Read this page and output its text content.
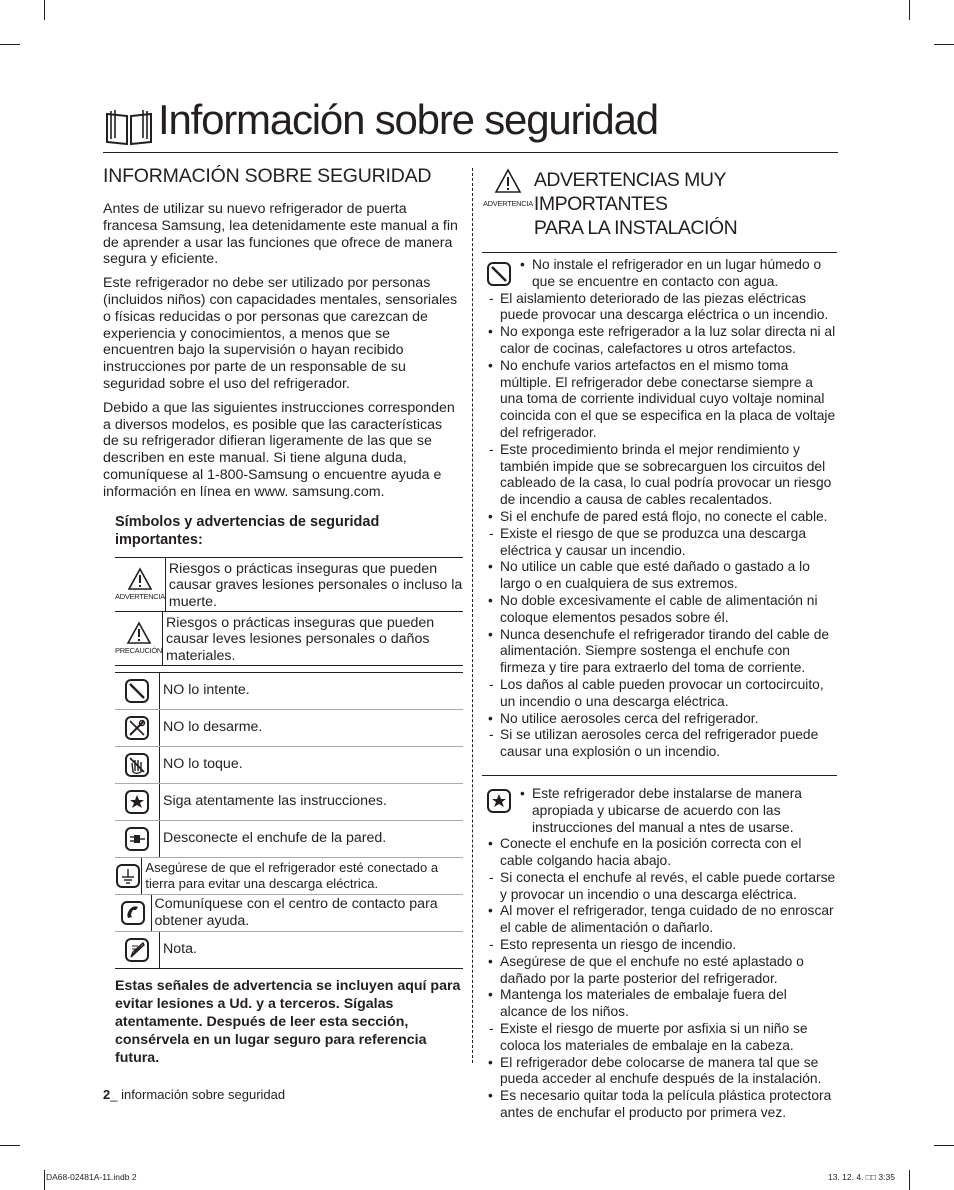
Información sobre seguridad
INFORMACIÓN SOBRE SEGURIDAD

Antes de utilizar su nuevo refrigerador de puerta francesa Samsung, lea detenidamente este manual a fin de aprender a usar las funciones que ofrece de manera segura y eficiente.

Este refrigerador no debe ser utilizado por personas (incluidos niños) con capacidades mentales, sensoriales o físicas reducidas o por personas que carezcan de experiencia y conocimientos, a menos que se encuentren bajo la supervisión o hayan recibido instrucciones por parte de un responsable de su seguridad sobre el uso del refrigerador.

Debido a que las siguientes instrucciones corresponden a diversos modelos, es posible que las características de su refrigerador difieran ligeramente de las que se describen en este manual. Si tiene alguna duda, comuníquese al 1-800-Samsung o encuentre ayuda e información en línea en www. samsung.com.

Símbolos y advertencias de seguridad importantes:
ADVERTENCIA
Riesgos o prácticas inseguras que pueden causar graves lesiones personales o incluso la muerte.
PRECAUCIÓN
Riesgos o prácticas inseguras que pueden causar leves lesiones personales o daños materiales.
NO lo intente.
NO lo desarme.
NO lo toque.
Siga atentamente las instrucciones.
Desconecte el enchufe de la pared.
Asegúrese de que el refrigerador esté conectado a tierra para evitar una descarga eléctrica.
Comuníquese con el centro de contacto para obtener ayuda.
Nota.
Estas señales de advertencia se incluyen aquí para evitar lesiones a Ud. y a terceros. Sígalas atentamente. Después de leer esta sección, consérvela en un lugar seguro para referencia futura.
ADVERTENCIA
ADVERTENCIAS MUY IMPORTANTES
PARA LA INSTALACIÓN
• No instale el refrigerador en un lugar húmedo o que se encuentre en contacto con agua.
- El aislamiento deteriorado de las piezas eléctricas puede provocar una descarga eléctrica o un incendio.
• No exponga este refrigerador a la luz solar directa ni al calor de cocinas, calefactores u otros artefactos.
• No enchufe varios artefactos en el mismo toma múltiple. El refrigerador debe conectarse siempre a una toma de corriente individual cuyo voltaje nominal coincida con el que se especifica en la placa de voltaje del refrigerador.
- Este procedimiento brinda el mejor rendimiento y también impide que se sobrecarguen los circuitos del cableado de la casa, lo cual podría provocar un riesgo de incendio a causa de cables recalentados.
• Si el enchufe de pared está flojo, no conecte el cable.
- Existe el riesgo de que se produzca una descarga eléctrica y causar un incendio.
• No utilice un cable que esté dañado o gastado a lo largo o en cualquiera de sus extremos.
• No doble excesivamente el cable de alimentación ni coloque elementos pesados sobre él.
• Nunca desenchufe el refrigerador tirando del cable de alimentación. Siempre sostenga el enchufe con firmeza y tire para extraerlo del toma de corriente.
- Los daños al cable pueden provocar un cortocircuito, un incendio o una descarga eléctrica.
• No utilice aerosoles cerca del refrigerador.
- Si se utilizan aerosoles cerca del refrigerador puede causar una explosión o un incendio.
• Este refrigerador debe instalarse de manera apropiada y ubicarse de acuerdo con las instrucciones del manual a ntes de usarse.
• Conecte el enchufe en la posición correcta con el cable colgando hacia abajo.
- Si conecta el enchufe al revés, el cable puede cortarse y provocar un incendio o una descarga eléctrica.
• Al mover el refrigerador, tenga cuidado de no enroscar el cable de alimentación o dañarlo.
- Esto representa un riesgo de incendio.
• Asegúrese de que el enchufe no esté aplastado o dañado por la parte posterior del refrigerador.
• Mantenga los materiales de embalaje fuera del alcance de los niños.
- Existe el riesgo de muerte por asfixia si un niño se coloca los materiales de embalaje en la cabeza.
• El refrigerador debe colocarse de manera tal que se pueda acceder al enchufe después de la instalación.
• Es necesario quitar toda la película plástica protectora antes de enchufar el producto por primera vez.
2_ información sobre seguridad
DA68-02481A-11.indb 2	13. 12. 4. □□ 3:35
